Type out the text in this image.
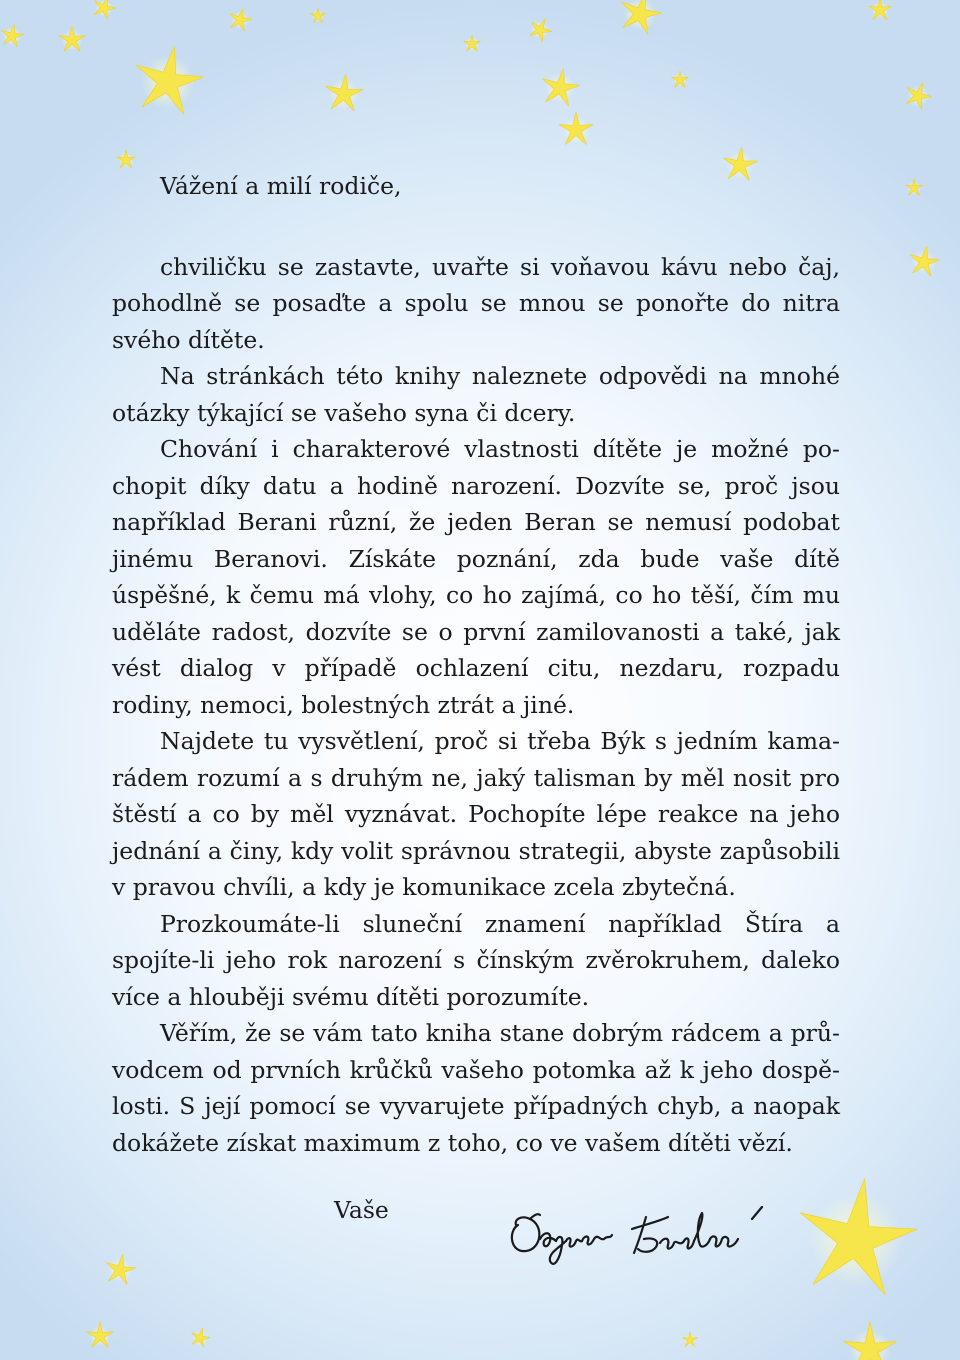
Vážení a milí rodiče,

chviličku se zastavte, uvařte si voňavou kávu nebo čaj, pohodlně se posaďte a spolu se mnou se ponořte do nitra svého dítěte.

Na stránkách této knihy naleznete odpovědi na mnohé otázky týkající se vašeho syna či dcery.

Chování i charakterové vlastnosti dítěte je možné pochopit díky datu a hodině narození. Dozvíte se, proč jsou například Berani různí, že jeden Beran se nemusí podobat jinému Beranovi. Získáte poznání, zda bude vaše dítě úspěšné, k čemu má vlohy, co ho zajímá, co ho těší, čím mu uděláte radost, dozvíte se o první zamilovanosti a také, jak vést dialog v případě ochlazení citu, nezdaru, rozpadu rodiny, nemoci, bolestných ztrát a jiné.

Najdete tu vysvětlení, proč si třeba Býk s jedním kamarádem rozumí a s druhým ne, jaký talisman by měl nosit pro štěstí a co by měl vyznávat. Pochopíte lépe reakce na jeho jednání a činy, kdy volit správnou strategii, abyste zapůsobili v pravou chvíli, a kdy je komunikace zcela zbytečná.

Prozkoumáte-li sluneční znamení například Štíra a spojíte-li jeho rok narození s čínským zvěrokruhem, daleko více a hlouběji svému dítěti porozumíte.

Věřím, že se vám tato kniha stane dobrým rádcem a průvodcem od prvních krůčků vašeho potomka až k jeho dospělosti. S její pomocí se vyvarujete případných chyb, a naopak dokážete získat maximum z toho, co ve vašem dítěti vězí.

Vaše
